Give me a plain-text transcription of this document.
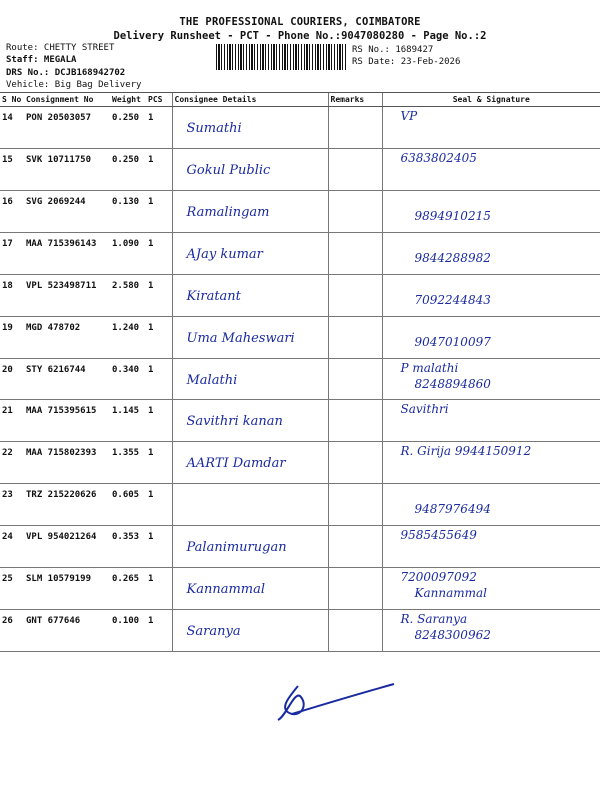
THE PROFESSIONAL COURIERS, COIMBATORE
Delivery Runsheet - PCT - Phone No.:9047080280 - Page No.:2
Route: CHETTY STREET
Staff: MEGALA
DRS No.: DCJB168942702
Vehicle: Big Bag Delivery
RS No.: 1689427
RS Date: 23-Feb-2026
S No	Consignment No	Weight	PCS	Consignee Details	Remarks	Seal & Signature
14	PON 20503057	0.250	1	Sumathi		VP

15	SVK 10711750	0.250	1	Gokul Public		6383802405

16	SVG 2069244	0.130	1	Ramalingam		9894910215

17	MAA 715396143	1.090	1	AJay kumar		9844288982

18	VPL 523498711	2.580	1	Kiratant		7092244843

19	MGD 478702	1.240	1	Uma Maheswari		9047010097

20	STY 6216744	0.340	1	Malathi		P malathi
8248894860

21	MAA 715395615	1.145	1	Savithri kanan		Savithri

22	MAA 715802393	1.355	1	AARTI Damdar		R. Girija 9944150912

23	TRZ 215220626	0.605	1			9487976494

24	VPL 954021264	0.353	1	Palanimurugan		9585455649

25	SLM 10579199	0.265	1	Kannammal		7200097092
Kannammal

26	GNT 677646	0.100	1	Saranya		R. Saranya
8248300962
